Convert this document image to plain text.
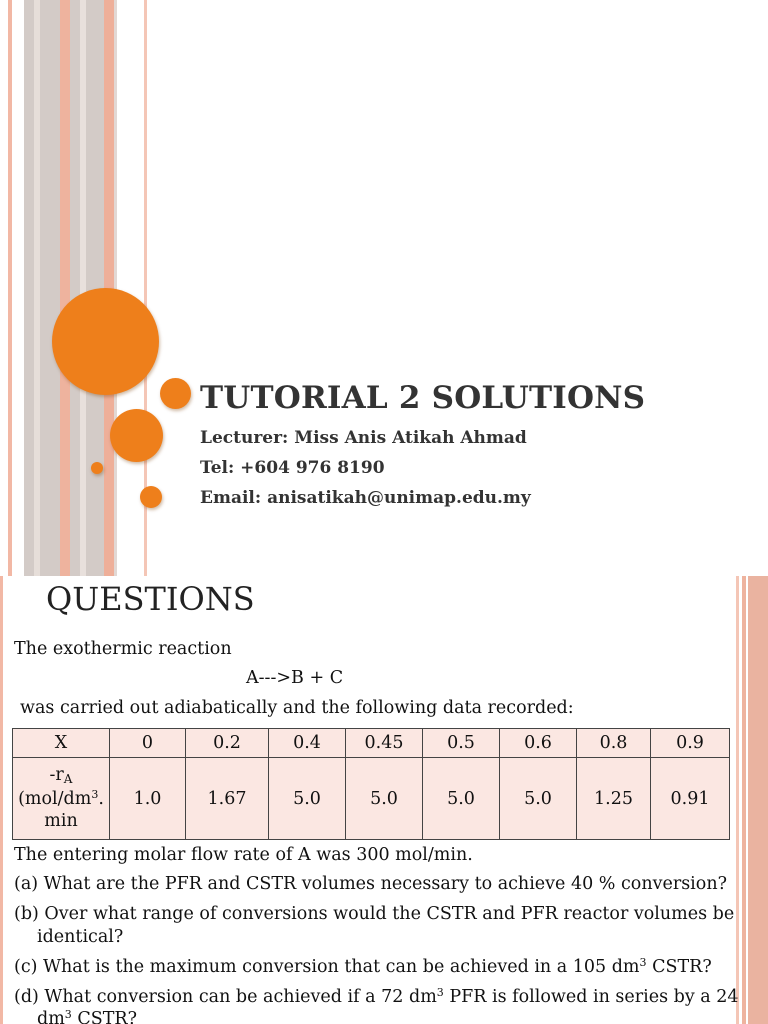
TUTORIAL 2 SOLUTIONS
Lecturer: Miss Anis Atikah Ahmad
Tel: +604 976 8190
Email: anisatikah@unimap.edu.my
QUESTIONS
The exothermic reaction
A--->B + C
was carried out adiabatically and the following data recorded:
X	0	0.2	0.4	0.45	0.5	0.6	0.8	0.9
$-r_A$
($mol/dm^3$.
min	1.0	1.67	5.0	5.0	5.0	5.0	1.25	0.91
The entering molar flow rate of A was 300 mol/min.
(a) What are the PFR and CSTR volumes necessary to achieve 40 % conversion?
(b) Over what range of conversions would the CSTR and PFR reactor volumes be
identical?
(c) What is the maximum conversion that can be achieved in a 105 $dm^3$ CSTR?
(d) What conversion can be achieved if a 72 $dm^3$ PFR is followed in series by a 24
$dm^3$ CSTR?
